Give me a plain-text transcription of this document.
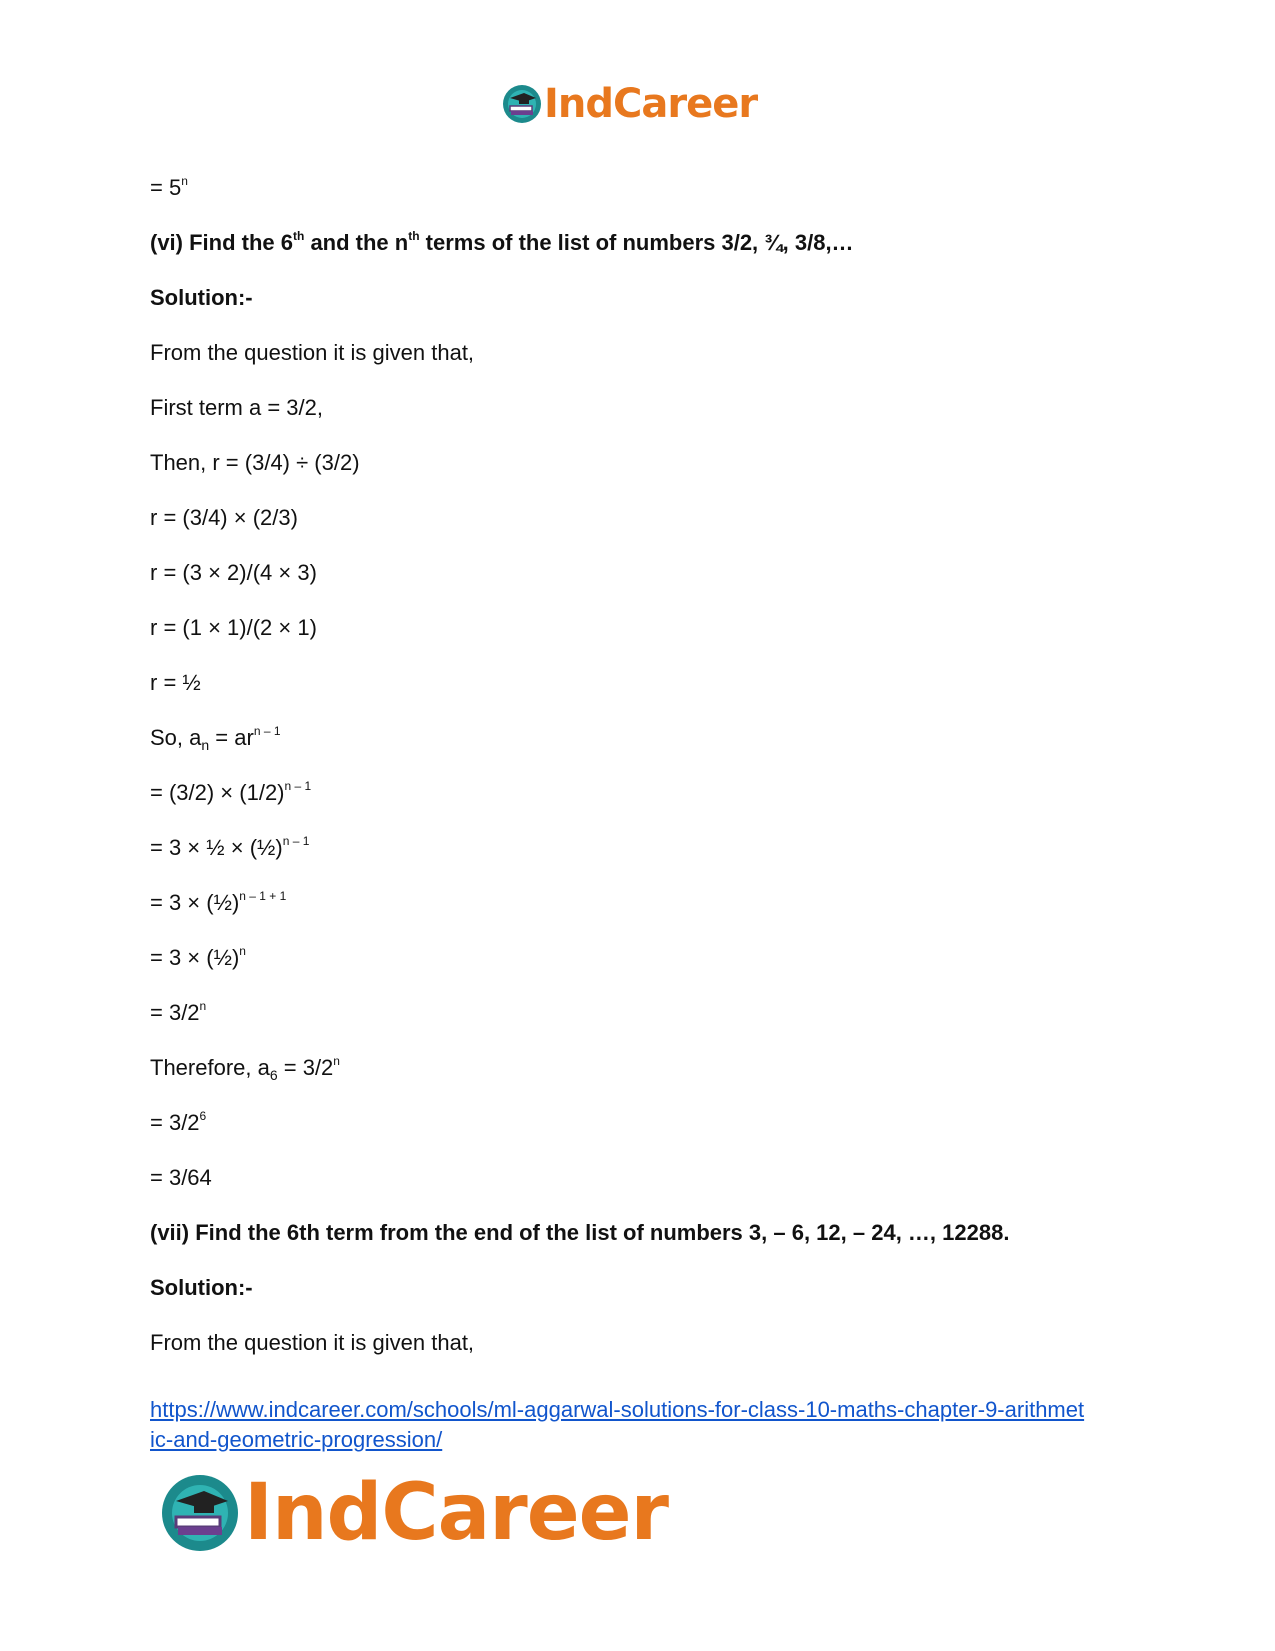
IndCareer
= $5^n$
(vi) Find the 6th and the $n^{th}$ terms of the list of numbers 3/2, ¾, 3/8,…
Solution:-
From the question it is given that,
First term a = 3/2,
Then, r = (3/4) ÷ (3/2)
r = (3/4) × (2/3)
r = (3 × 2)/(4 × 3)
r = (1 × 1)/(2 × 1)
r = ½
So, $a_n = ar^{n - 1}$
= $(3/2) \times (1/2)^{n - 1}$
= 3 × ½ × (½)$^{n - 1}$
= 3 × (½)$^{n - 1 + 1}$
= 3 × (½)$^n$
= $3/2^n$
Therefore, $a_6 = 3/2^n$
= $3/2^6$
= 3/64
(vii) Find the 6th term from the end of the list of numbers 3, – 6, 12, – 24, …, 12288.
Solution:-
From the question it is given that,
https://www.indcareer.com/schools/ml-aggarwal-solutions-for-class-10-maths-chapter-9-arithmet
ic-and-geometric-progression/
IndCareer
